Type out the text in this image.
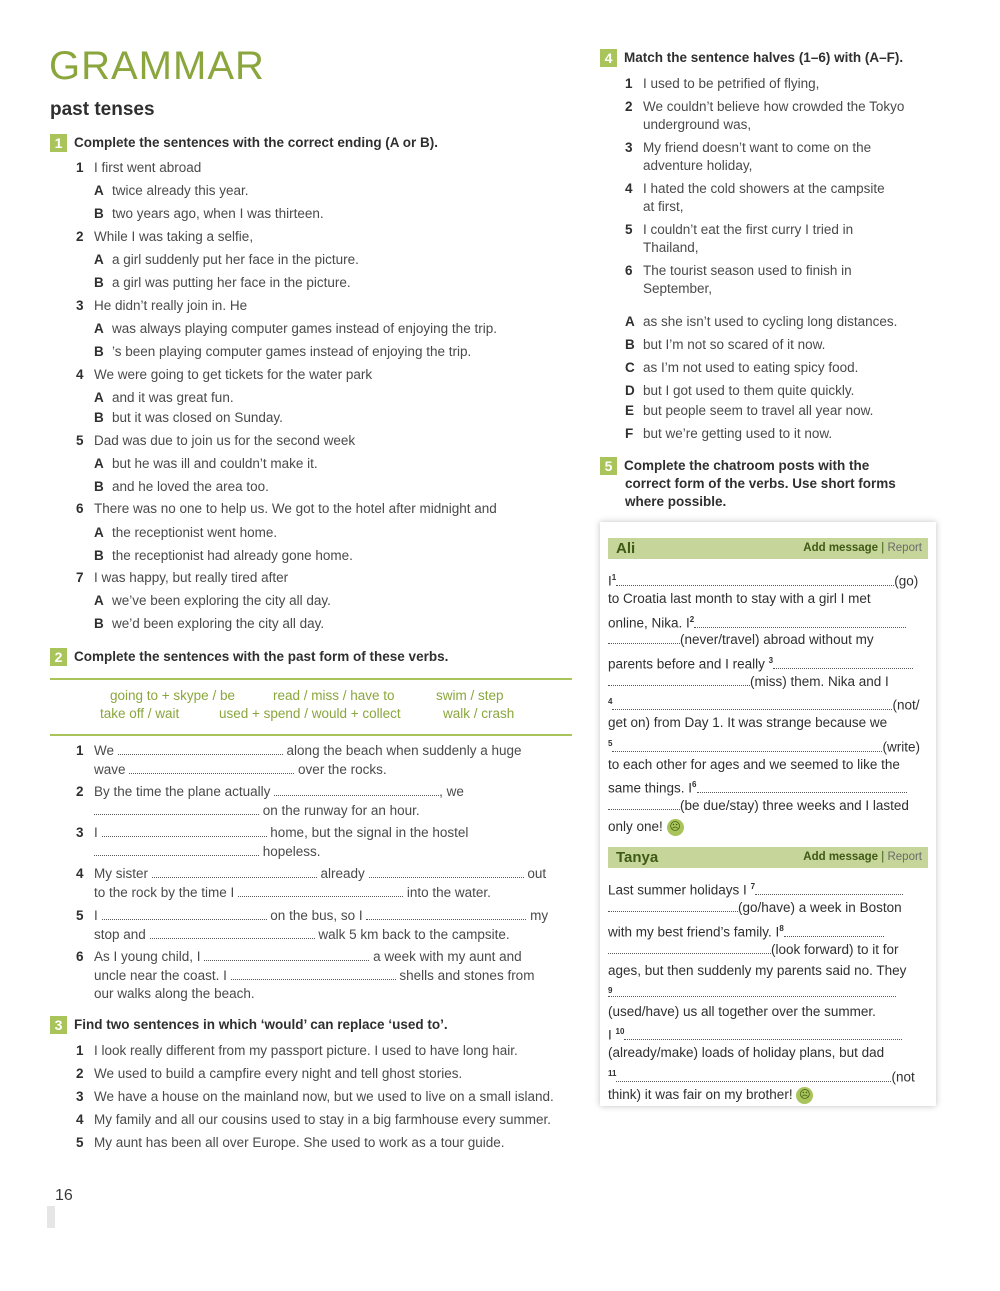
GRAMMAR
past tenses
1 Complete the sentences with the correct ending (A or B).
1 I first went abroad
A twice already this year.
B two years ago, when I was thirteen.
2 While I was taking a selfie,
A a girl suddenly put her face in the picture.
B a girl was putting her face in the picture.
3 He didn’t really join in. He
A was always playing computer games instead of enjoying the trip.
B ’s been playing computer games instead of enjoying the trip.
4 We were going to get tickets for the water park
A and it was great fun.
B but it was closed on Sunday.
5 Dad was due to join us for the second week
A but he was ill and couldn’t make it.
B and he loved the area too.
6 There was no one to help us. We got to the hotel after midnight and
A the receptionist went home.
B the receptionist had already gone home.
7 I was happy, but really tired after
A we’ve been exploring the city all day.
B we’d been exploring the city all day.
2 Complete the sentences with the past form of these verbs.
going to + skype / be	read / miss / have to	swim / step
take off / wait	used + spend / would + collect	walk / crash
1 We	along the beach when suddenly a huge
wave	over the rocks.
2 By the time the plane actually	, we
on the runway for an hour.
3 I	home, but the signal in the hostel
hopeless.
4 My sister	already	out
to the rock by the time I	into the water.
5 I	on the bus, so I	my
stop and	walk 5 km back to the campsite.
6 As I young child, I	a week with my aunt and
uncle near the coast. I	shells and stones from
our walks along the beach.
3 Find two sentences in which ‘would’ can replace ‘used to’.
1 I look really different from my passport picture. I used to have long hair.
2 We used to build a campfire every night and tell ghost stories.
3 We have a house on the mainland now, but we used to live on a small island.
4 My family and all our cousins used to stay in a big farmhouse every summer.
5 My aunt has been all over Europe. She used to work as a tour guide.
4 Match the sentence halves (1–6) with (A–F).
1 I used to be petrified of flying,
2 We couldn’t believe how crowded the Tokyo
underground was,
3 My friend doesn’t want to come on the
adventure holiday,
4 I hated the cold showers at the campsite
at first,
5 I couldn’t eat the first curry I tried in
Thailand,
6 The tourist season used to finish in
September,
A as she isn’t used to cycling long distances.
B but I’m not so scared of it now.
C as I’m not used to eating spicy food.
D but I got used to them quite quickly.
E but people seem to travel all year now.
F but we’re getting used to it now.
5 Complete the chatroom posts with the
correct form of the verbs. Use short forms
where possible.
Ali	Add message | Report
$I^1$	(go)
to Croatia last month to stay with a girl I met
online, Nika. $I^2$
(never/travel) abroad without my
parents before and I really $^3$
(miss) them. Nika and I
$^4$	(not/
get on) from Day 1. It was strange because we
$^5$	(write)
to each other for ages and we seemed to like the
same things. $I^6$
(be due/stay) three weeks and I lasted
only one! ☹
Tanya	Add message | Report
Last summer holidays I $^7$
(go/have) a week in Boston
with my best friend’s family. $I^8$
(look forward) to it for
ages, but then suddenly my parents said no. They
$^9$
(used/have) us all together over the summer.
I $^{10}$
(already/make) loads of holiday plans, but dad
$^{11}$	(not
think) it was fair on my brother! ☹
16
